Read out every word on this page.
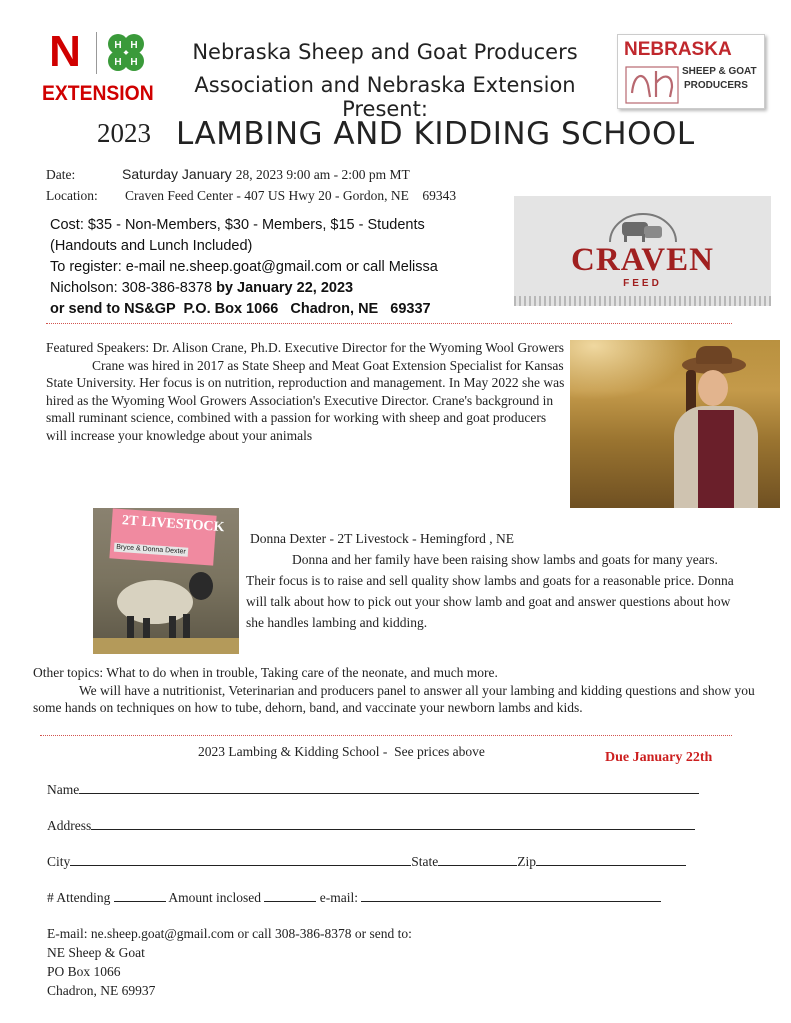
N	H H
H H
EXTENSION
Nebraska Sheep and Goat Producers
Association and Nebraska Extension Present:
NEBRASKA
SHEEP & GOAT
PRODUCERS
2023 LAMBING AND KIDDING SCHOOL
Date:	Saturday January 28, 2023 9:00 am - 2:00 pm MT
Location: Craven Feed Center - 407 US Hwy 20 - Gordon, NE    69343
Cost: $35 - Non-Members, $30 - Members, $15 - Students
(Handouts and Lunch Included)
To register: e-mail ne.sheep.goat@gmail.com or call Melissa
Nicholson: 308-386-8378 by January 22, 2023
or send to NS&GP  P.O. Box 1066   Chadron, NE   69337
CRAVEN
FEED
Featured Speakers: Dr. Alison Crane, Ph.D. Executive Director for the Wyoming Wool Growers
Crane was hired in 2017 as State Sheep and Meat Goat Extension Specialist for Kansas State University. Her focus is on nutrition, reproduction and management. In May 2022 she was hired as the Wyoming Wool Growers Association's Executive Director. Crane's background in small ruminant science, combined with a passion for working with sheep and goat producers will increase your knowledge about your animals
2T LIVESTOCK
Bryce & Donna Dexter
Donna Dexter - 2T Livestock - Hemingford , NE
Donna and her family have been raising show lambs and goats for many years. Their focus is to raise and sell quality show lambs and goats for a reasonable price. Donna will talk about how to pick out your show lamb and goat and answer questions about how she handles lambing and kidding.
Other topics: What to do when in trouble, Taking care of the neonate, and much more.
We will have a nutritionist, Veterinarian and producers panel to answer all your lambing and kidding questions and show you some hands on techniques on how to tube, dehorn, band, and vaccinate your newborn lambs and kids.
2023 Lambing & Kidding School -  See prices above	Due January 22th
Name
Address
City	State	Zip
# Attending	Amount inclosed	e-mail:
E-mail: ne.sheep.goat@gmail.com or call 308-386-8378 or send to:
NE Sheep & Goat
PO Box 1066
Chadron, NE 69937
